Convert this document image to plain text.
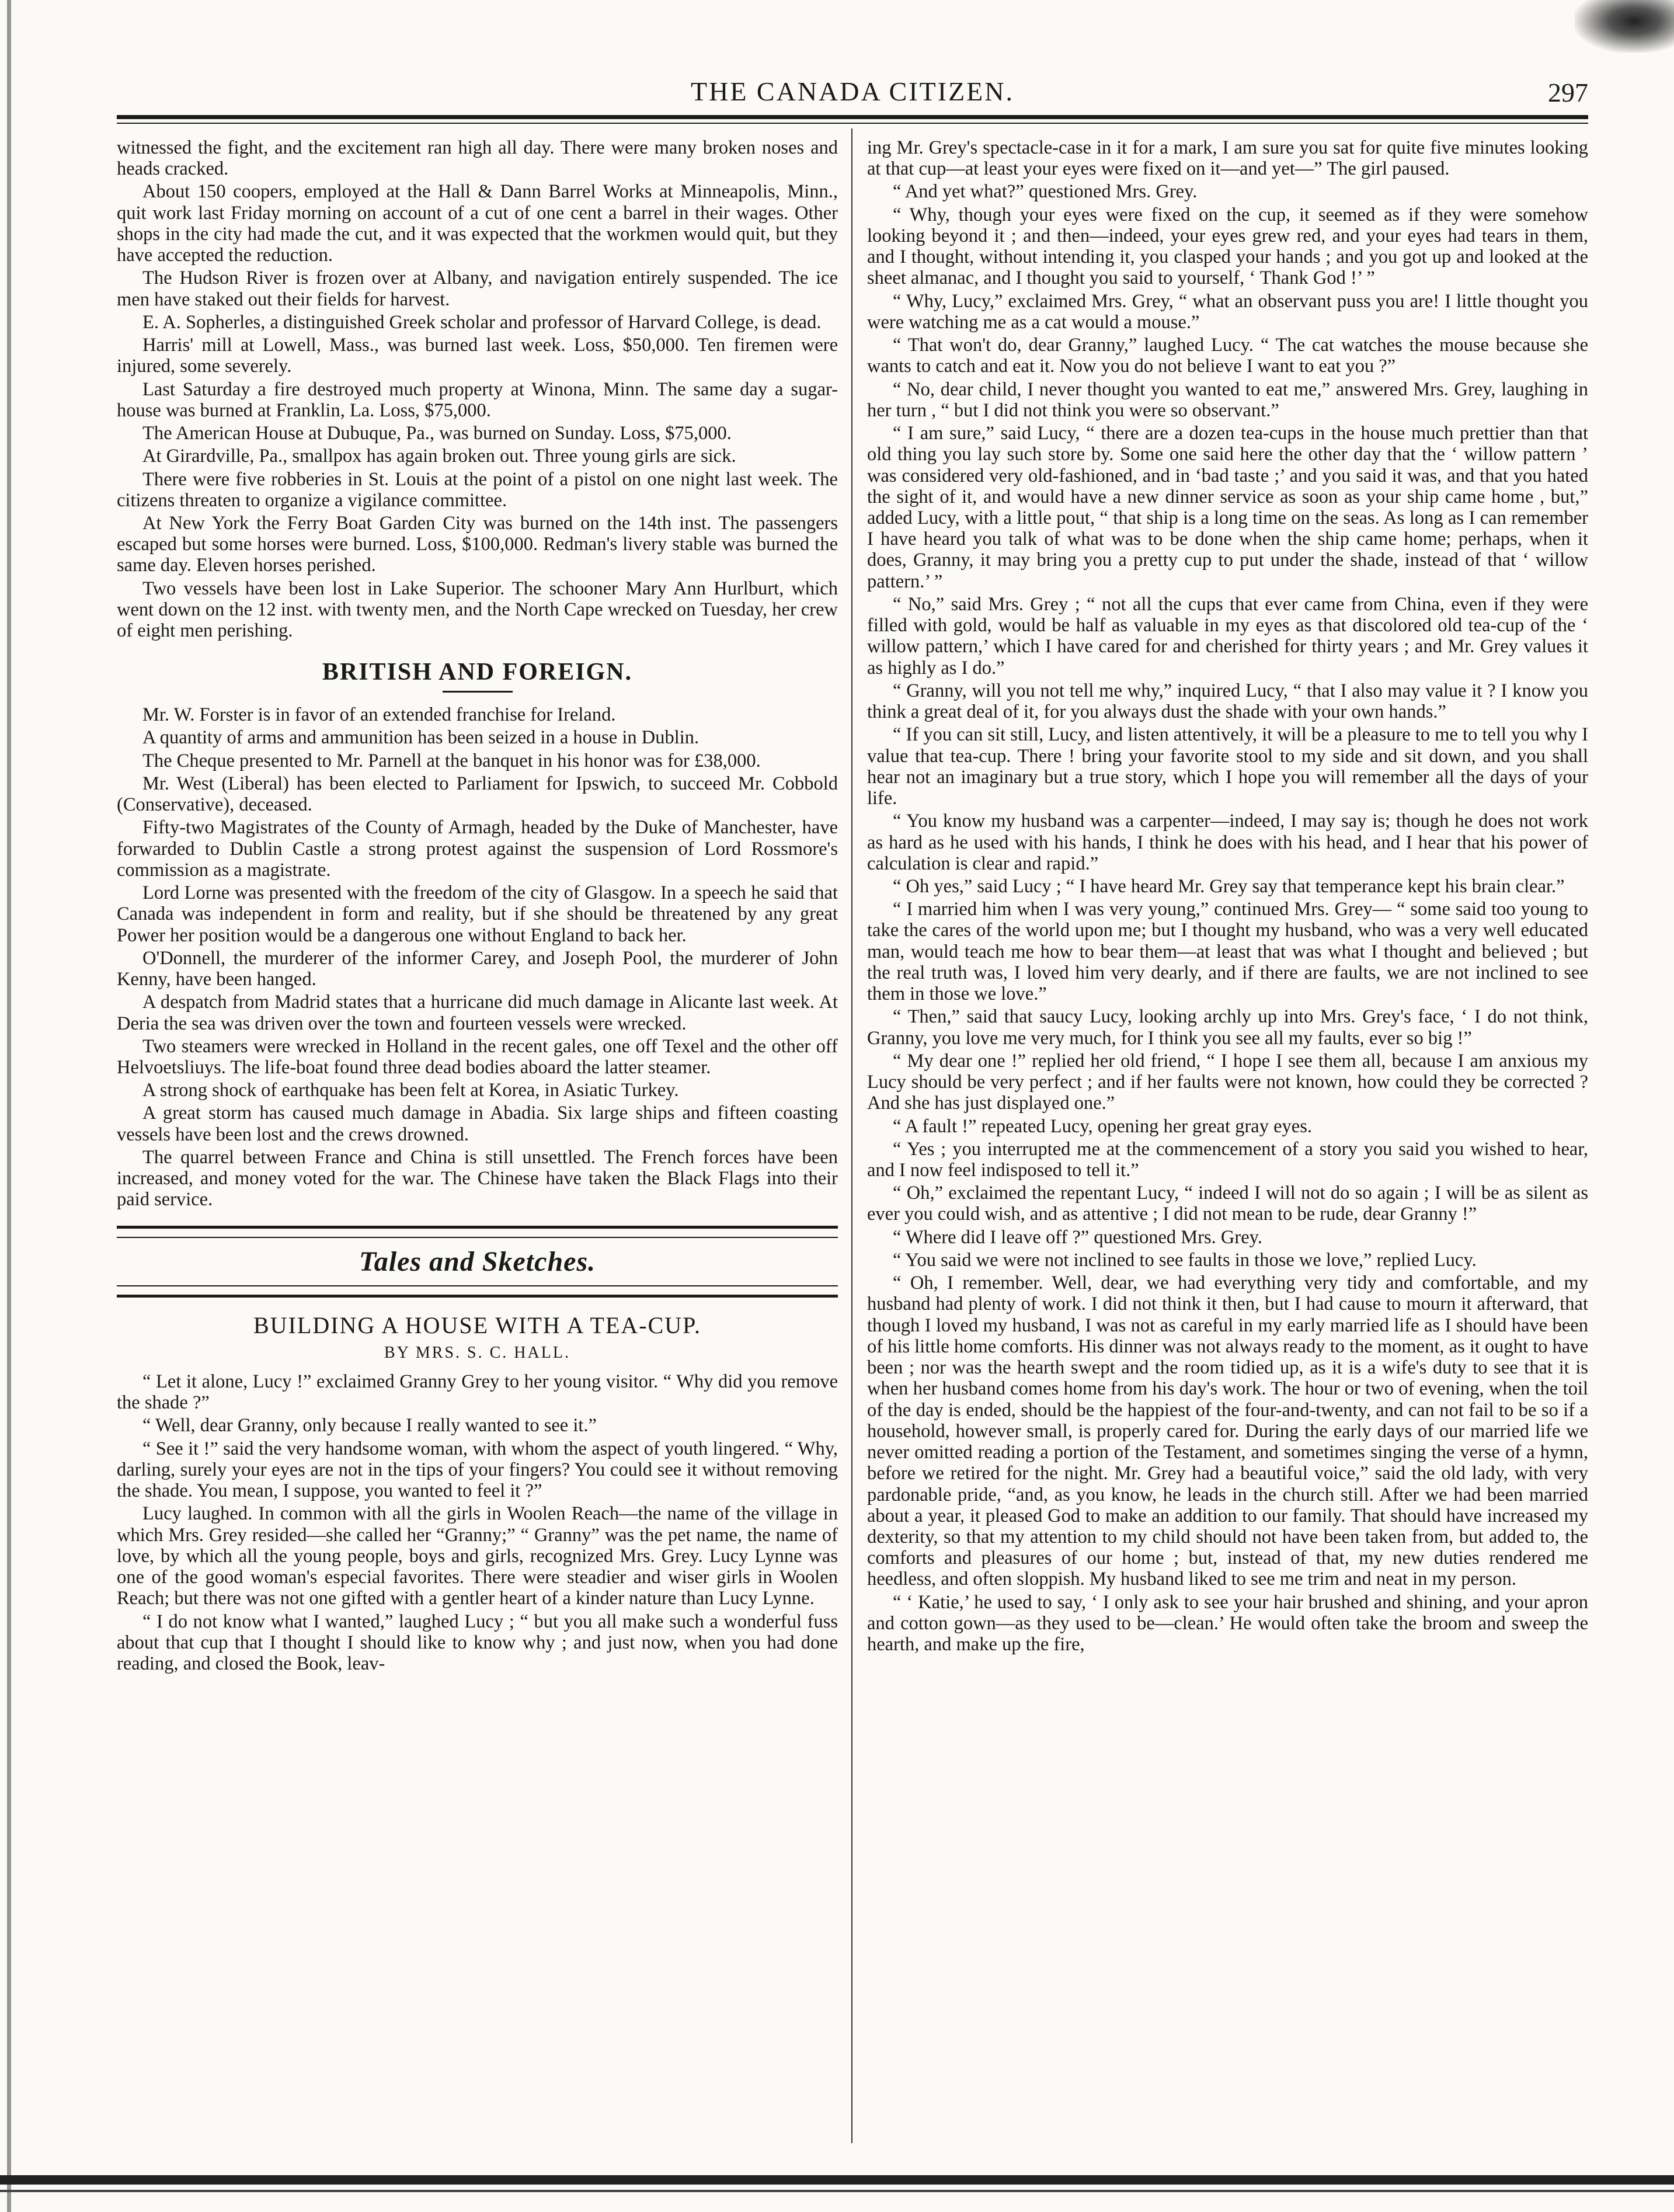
THE CANADA CITIZEN.	297

witnessed the fight, and the excitement ran high all day. There were many broken noses and heads cracked.

About 150 coopers, employed at the Hall & Dann Barrel Works at Minneapolis, Minn., quit work last Friday morning on account of a cut of one cent a barrel in their wages. Other shops in the city had made the cut, and it was expected that the workmen would quit, but they have accepted the reduction.

The Hudson River is frozen over at Albany, and navigation entirely suspended. The ice men have staked out their fields for harvest.

E. A. Sopherles, a distinguished Greek scholar and professor of Harvard College, is dead.

Harris' mill at Lowell, Mass., was burned last week. Loss, $50,000. Ten firemen were injured, some severely.

Last Saturday a fire destroyed much property at Winona, Minn. The same day a sugar-house was burned at Franklin, La. Loss, $75,000.

The American House at Dubuque, Pa., was burned on Sunday. Loss, $75,000.

At Girardville, Pa., smallpox has again broken out. Three young girls are sick.

There were five robberies in St. Louis at the point of a pistol on one night last week. The citizens threaten to organize a vigilance committee.

At New York the Ferry Boat Garden City was burned on the 14th inst. The passengers escaped but some horses were burned. Loss, $100,000. Redman's livery stable was burned the same day. Eleven horses perished.

Two vessels have been lost in Lake Superior. The schooner Mary Ann Hurlburt, which went down on the 12 inst. with twenty men, and the North Cape wrecked on Tuesday, her crew of eight men perishing.

BRITISH AND FOREIGN.

Mr. W. Forster is in favor of an extended franchise for Ireland.

A quantity of arms and ammunition has been seized in a house in Dublin.

The Cheque presented to Mr. Parnell at the banquet in his honor was for £38,000.

Mr. West (Liberal) has been elected to Parliament for Ipswich, to succeed Mr. Cobbold (Conservative), deceased.

Fifty-two Magistrates of the County of Armagh, headed by the Duke of Manchester, have forwarded to Dublin Castle a strong protest against the suspension of Lord Rossmore's commission as a magistrate.

Lord Lorne was presented with the freedom of the city of Glasgow. In a speech he said that Canada was independent in form and reality, but if she should be threatened by any great Power her position would be a dangerous one without England to back her.

O'Donnell, the murderer of the informer Carey, and Joseph Pool, the murderer of John Kenny, have been hanged.

A despatch from Madrid states that a hurricane did much damage in Alicante last week. At Deria the sea was driven over the town and fourteen vessels were wrecked.

Two steamers were wrecked in Holland in the recent gales, one off Texel and the other off Helvoetsliuys. The life-boat found three dead bodies aboard the latter steamer.

A strong shock of earthquake has been felt at Korea, in Asiatic Turkey.

A great storm has caused much damage in Abadia. Six large ships and fifteen coasting vessels have been lost and the crews drowned.

The quarrel between France and China is still unsettled. The French forces have been increased, and money voted for the war. The Chinese have taken the Black Flags into their paid service.

Tales and Sketches.
BUILDING A HOUSE WITH A TEA-CUP.
BY MRS. S. C. HALL.

“ Let it alone, Lucy !” exclaimed Granny Grey to her young visitor. “ Why did you remove the shade ?”

“ Well, dear Granny, only because I really wanted to see it.”

“ See it !” said the very handsome woman, with whom the aspect of youth lingered. “ Why, darling, surely your eyes are not in the tips of your fingers? You could see it without removing the shade. You mean, I suppose, you wanted to feel it ?”

Lucy laughed. In common with all the girls in Woolen Reach—the name of the village in which Mrs. Grey resided—she called her “Granny;” “ Granny” was the pet name, the name of love, by which all the young people, boys and girls, recognized Mrs. Grey. Lucy Lynne was one of the good woman's especial favorites. There were steadier and wiser girls in Woolen Reach; but there was not one gifted with a gentler heart of a kinder nature than Lucy Lynne.

“ I do not know what I wanted,” laughed Lucy ; “ but you all make such a wonderful fuss about that cup that I thought I should like to know why ; and just now, when you had done reading, and closed the Book, leav-

ing Mr. Grey's spectacle-case in it for a mark, I am sure you sat for quite five minutes looking at that cup—at least your eyes were fixed on it—and yet—” The girl paused.

“ And yet what?” questioned Mrs. Grey.

“ Why, though your eyes were fixed on the cup, it seemed as if they were somehow looking beyond it ; and then—indeed, your eyes grew red, and your eyes had tears in them, and I thought, without intending it, you clasped your hands ; and you got up and looked at the sheet almanac, and I thought you said to yourself, ‘ Thank God !’ ”

“ Why, Lucy,” exclaimed Mrs. Grey, “ what an observant puss you are! I little thought you were watching me as a cat would a mouse.”

“ That won't do, dear Granny,” laughed Lucy. “ The cat watches the mouse because she wants to catch and eat it. Now you do not believe I want to eat you ?”

“ No, dear child, I never thought you wanted to eat me,” answered Mrs. Grey, laughing in her turn , “ but I did not think you were so observant.”

“ I am sure,” said Lucy, “ there are a dozen tea-cups in the house much prettier than that old thing you lay such store by. Some one said here the other day that the ‘ willow pattern ’ was considered very old-fashioned, and in ‘bad taste ;’ and you said it was, and that you hated the sight of it, and would have a new dinner service as soon as your ship came home , but,” added Lucy, with a little pout, “ that ship is a long time on the seas. As long as I can remember I have heard you talk of what was to be done when the ship came home; perhaps, when it does, Granny, it may bring you a pretty cup to put under the shade, instead of that ‘ willow pattern.’ ”

“ No,” said Mrs. Grey ; “ not all the cups that ever came from China, even if they were filled with gold, would be half as valuable in my eyes as that discolored old tea-cup of the ‘ willow pattern,’ which I have cared for and cherished for thirty years ; and Mr. Grey values it as highly as I do.”

“ Granny, will you not tell me why,” inquired Lucy, “ that I also may value it ? I know you think a great deal of it, for you always dust the shade with your own hands.”

“ If you can sit still, Lucy, and listen attentively, it will be a pleasure to me to tell you why I value that tea-cup. There ! bring your favorite stool to my side and sit down, and you shall hear not an imaginary but a true story, which I hope you will remember all the days of your life.

“ You know my husband was a carpenter—indeed, I may say is; though he does not work as hard as he used with his hands, I think he does with his head, and I hear that his power of calculation is clear and rapid.”

“ Oh yes,” said Lucy ; “ I have heard Mr. Grey say that temperance kept his brain clear.”

“ I married him when I was very young,” continued Mrs. Grey— “ some said too young to take the cares of the world upon me; but I thought my husband, who was a very well educated man, would teach me how to bear them—at least that was what I thought and believed ; but the real truth was, I loved him very dearly, and if there are faults, we are not inclined to see them in those we love.”

“ Then,” said that saucy Lucy, looking archly up into Mrs. Grey's face, ‘ I do not think, Granny, you love me very much, for I think you see all my faults, ever so big !”

“ My dear one !” replied her old friend, “ I hope I see them all, because I am anxious my Lucy should be very perfect ; and if her faults were not known, how could they be corrected ? And she has just displayed one.”

“ A fault !” repeated Lucy, opening her great gray eyes.

“ Yes ; you interrupted me at the commencement of a story you said you wished to hear, and I now feel indisposed to tell it.”

“ Oh,” exclaimed the repentant Lucy, “ indeed I will not do so again ; I will be as silent as ever you could wish, and as attentive ; I did not mean to be rude, dear Granny !”

“ Where did I leave off ?” questioned Mrs. Grey.

“ You said we were not inclined to see faults in those we love,” replied Lucy.

“ Oh, I remember. Well, dear, we had everything very tidy and comfortable, and my husband had plenty of work. I did not think it then, but I had cause to mourn it afterward, that though I loved my husband, I was not as careful in my early married life as I should have been of his little home comforts. His dinner was not always ready to the moment, as it ought to have been ; nor was the hearth swept and the room tidied up, as it is a wife's duty to see that it is when her husband comes home from his day's work. The hour or two of evening, when the toil of the day is ended, should be the happiest of the four-and-twenty, and can not fail to be so if a household, however small, is properly cared for. During the early days of our married life we never omitted reading a portion of the Testament, and sometimes singing the verse of a hymn, before we retired for the night. Mr. Grey had a beautiful voice,” said the old lady, with very pardonable pride, “and, as you know, he leads in the church still. After we had been married about a year, it pleased God to make an addition to our family. That should have increased my dexterity, so that my attention to my child should not have been taken from, but added to, the comforts and pleasures of our home ; but, instead of that, my new duties rendered me heedless, and often sloppish. My husband liked to see me trim and neat in my person.

“ ‘ Katie,’ he used to say, ‘ I only ask to see your hair brushed and shining, and your apron and cotton gown—as they used to be—clean.’ He would often take the broom and sweep the hearth, and make up the fire,
